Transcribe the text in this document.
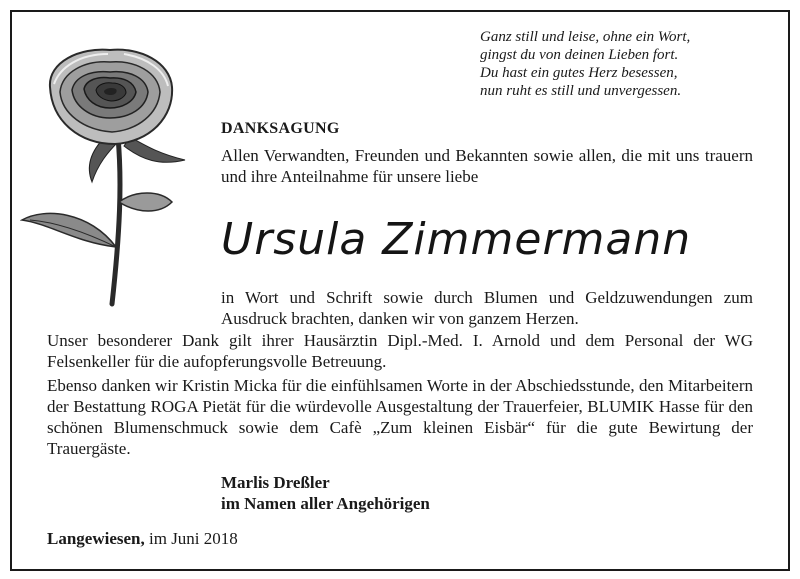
Ganz still und leise, ohne ein Wort,
gingst du von deinen Lieben fort.
Du hast ein gutes Herz besessen,
nun ruht es still und unvergessen.
DANKSAGUNG
Allen Verwandten, Freunden und Bekannten sowie allen, die mit uns trauern und ihre Anteilnahme für unsere liebe
Ursula Zimmermann
in Wort und Schrift sowie durch Blumen und Geldzuwendungen zum Ausdruck brachten, danken wir von ganzem Herzen.
Unser besonderer Dank gilt ihrer Hausärztin Dipl.-Med. I. Arnold und dem Personal der WG Felsenkeller für die aufopferungsvolle Betreuung.
Ebenso danken wir Kristin Micka für die einfühlsamen Worte in der Abschiedsstunde, den Mitarbeitern der Bestattung ROGA Pietät für die würdevolle Ausgestaltung der Trauerfeier, BLUMIK Hasse für den schönen Blumenschmuck sowie dem Cafè „Zum kleinen Eisbär“ für die gute Bewirtung der Trauergäste.
Marlis Dreßler
im Namen aller Angehörigen
Langewiesen, im Juni 2018
